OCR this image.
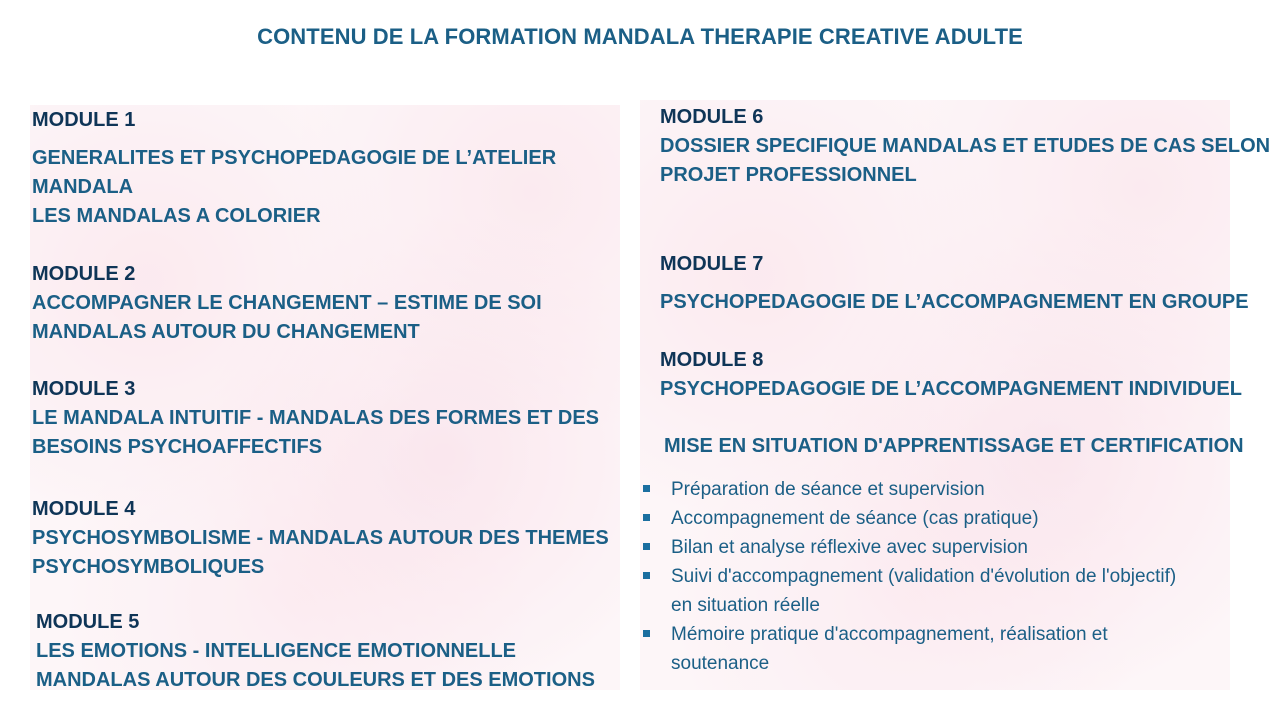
CONTENU DE LA FORMATION MANDALA THERAPIE CREATIVE ADULTE
MODULE 1
GENERALITES ET PSYCHOPEDAGOGIE DE L’ATELIER
MANDALA
LES MANDALAS A COLORIER
MODULE 2
ACCOMPAGNER LE CHANGEMENT – ESTIME DE SOI
MANDALAS AUTOUR DU CHANGEMENT
MODULE 3
LE MANDALA INTUITIF - MANDALAS DES FORMES ET DES
BESOINS PSYCHOAFFECTIFS
MODULE 4
PSYCHOSYMBOLISME - MANDALAS AUTOUR DES THEMES
PSYCHOSYMBOLIQUES
MODULE 5
LES EMOTIONS - INTELLIGENCE EMOTIONNELLE
MANDALAS AUTOUR DES COULEURS ET DES EMOTIONS
MODULE 6
DOSSIER SPECIFIQUE MANDALAS ET ETUDES DE CAS SELON
PROJET PROFESSIONNEL
MODULE 7
PSYCHOPEDAGOGIE DE L’ACCOMPAGNEMENT EN GROUPE
MODULE 8
PSYCHOPEDAGOGIE DE L’ACCOMPAGNEMENT INDIVIDUEL
MISE EN SITUATION D'APPRENTISSAGE ET CERTIFICATION
Préparation de séance et supervision
Accompagnement de séance (cas pratique)
Bilan et analyse réflexive avec supervision
Suivi d'accompagnement (validation d'évolution de l'objectif) en situation réelle
Mémoire pratique d'accompagnement, réalisation et soutenance
